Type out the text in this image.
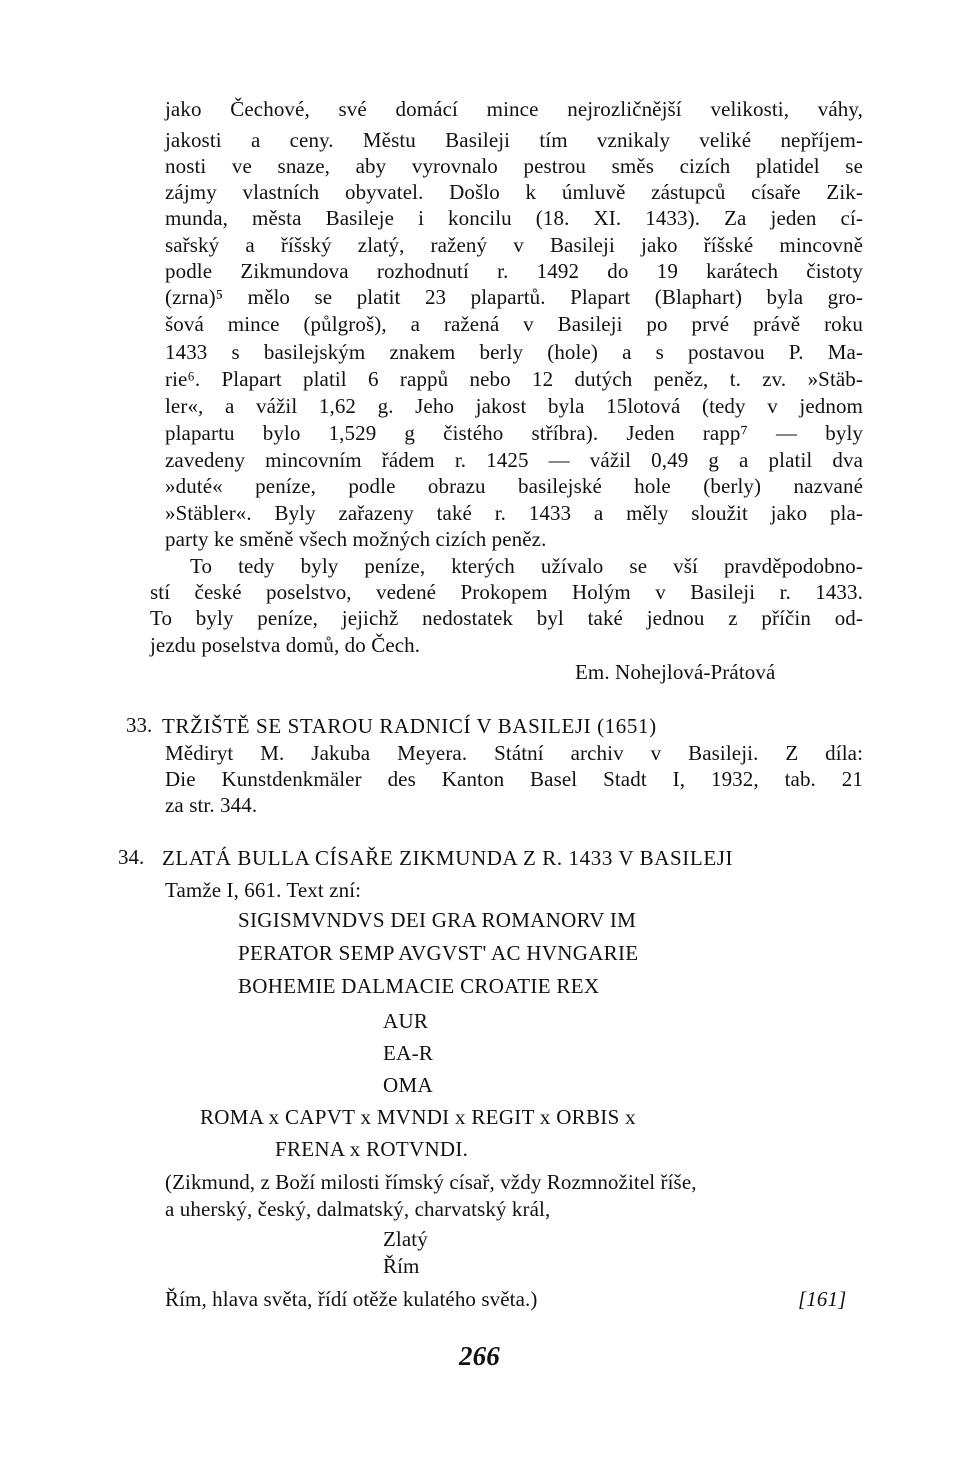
jako Čechové, své domácí mince nejrozličnější velikosti, váhy,
jakosti a ceny. Městu Basileji tím vznikaly veliké nepříjem-
nosti ve snaze, aby vyrovnalo pestrou směs cizích platidel se
zájmy vlastních obyvatel. Došlo k úmluvě zástupců císaře Zik-
munda, města Basileje i koncilu (18. XI. 1433). Za jeden cí-
sařský a říšský zlatý, ražený v Basileji jako říšské mincovně
podle Zikmundova rozhodnutí r. 1492 do 19 karátech čistoty
(zrna)⁵ mělo se platit 23 plapartů. Plapart (Blaphart) byla gro-
šová mince (půlgroš), a ražená v Basileji po prvé právě roku
1433 s basilejským znakem berly (hole) a s postavou P. Ma-
rie⁶. Plapart platil 6 rappů nebo 12 dutých peněz, t. zv. »Stäb-
ler«, a vážil 1,62 g. Jeho jakost byla 15lotová (tedy v jednom
plapartu bylo 1,529 g čistého stříbra). Jeden rapp⁷ — byly
zavedeny mincovním řádem r. 1425 — vážil 0,49 g a platil dva
»duté« peníze, podle obrazu basilejské hole (berly) nazvané
»Stäbler«. Byly zařazeny také r. 1433 a měly sloužit jako pla-
party ke směně všech možných cizích peněz.
To tedy byly peníze, kterých užívalo se vší pravděpodobno-
stí české poselstvo, vedené Prokopem Holým v Basileji r. 1433.
To byly peníze, jejichž nedostatek byl také jednou z příčin od-
jezdu poselstva domů, do Čech.
Em. Nohejlová-Prátová
33. TRŽIŠTĚ SE STAROU RADNICÍ V BASILEJI (1651)
Mědiryt M. Jakuba Meyera. Státní archiv v Basileji. Z díla:
Die Kunstdenkmäler des Kanton Basel Stadt I, 1932, tab. 21
za str. 344.
34. ZLATÁ BULLA CÍSAŘE ZIKMUNDA Z R. 1433 V BASILEJI
Tamže I, 661. Text zní:
SIGISMVNDVS DEI GRA ROMANORV IM
PERATOR SEMP AVGVST' AC HVNGARIE
BOHEMIE DALMACIE CROATIE REX
AUR
EA-R
OMA
ROMA x CAPVT x MVNDI x REGIT x ORBIS x
FRENA x ROTVNDI.
(Zikmund, z Boží milosti římský císař, vždy Rozmnožitel říše,
a uherský, český, dalmatský, charvatský král,
Zlatý
Řím
Řím, hlava světa, řídí otěže kulatého světa.)	[161]
266
